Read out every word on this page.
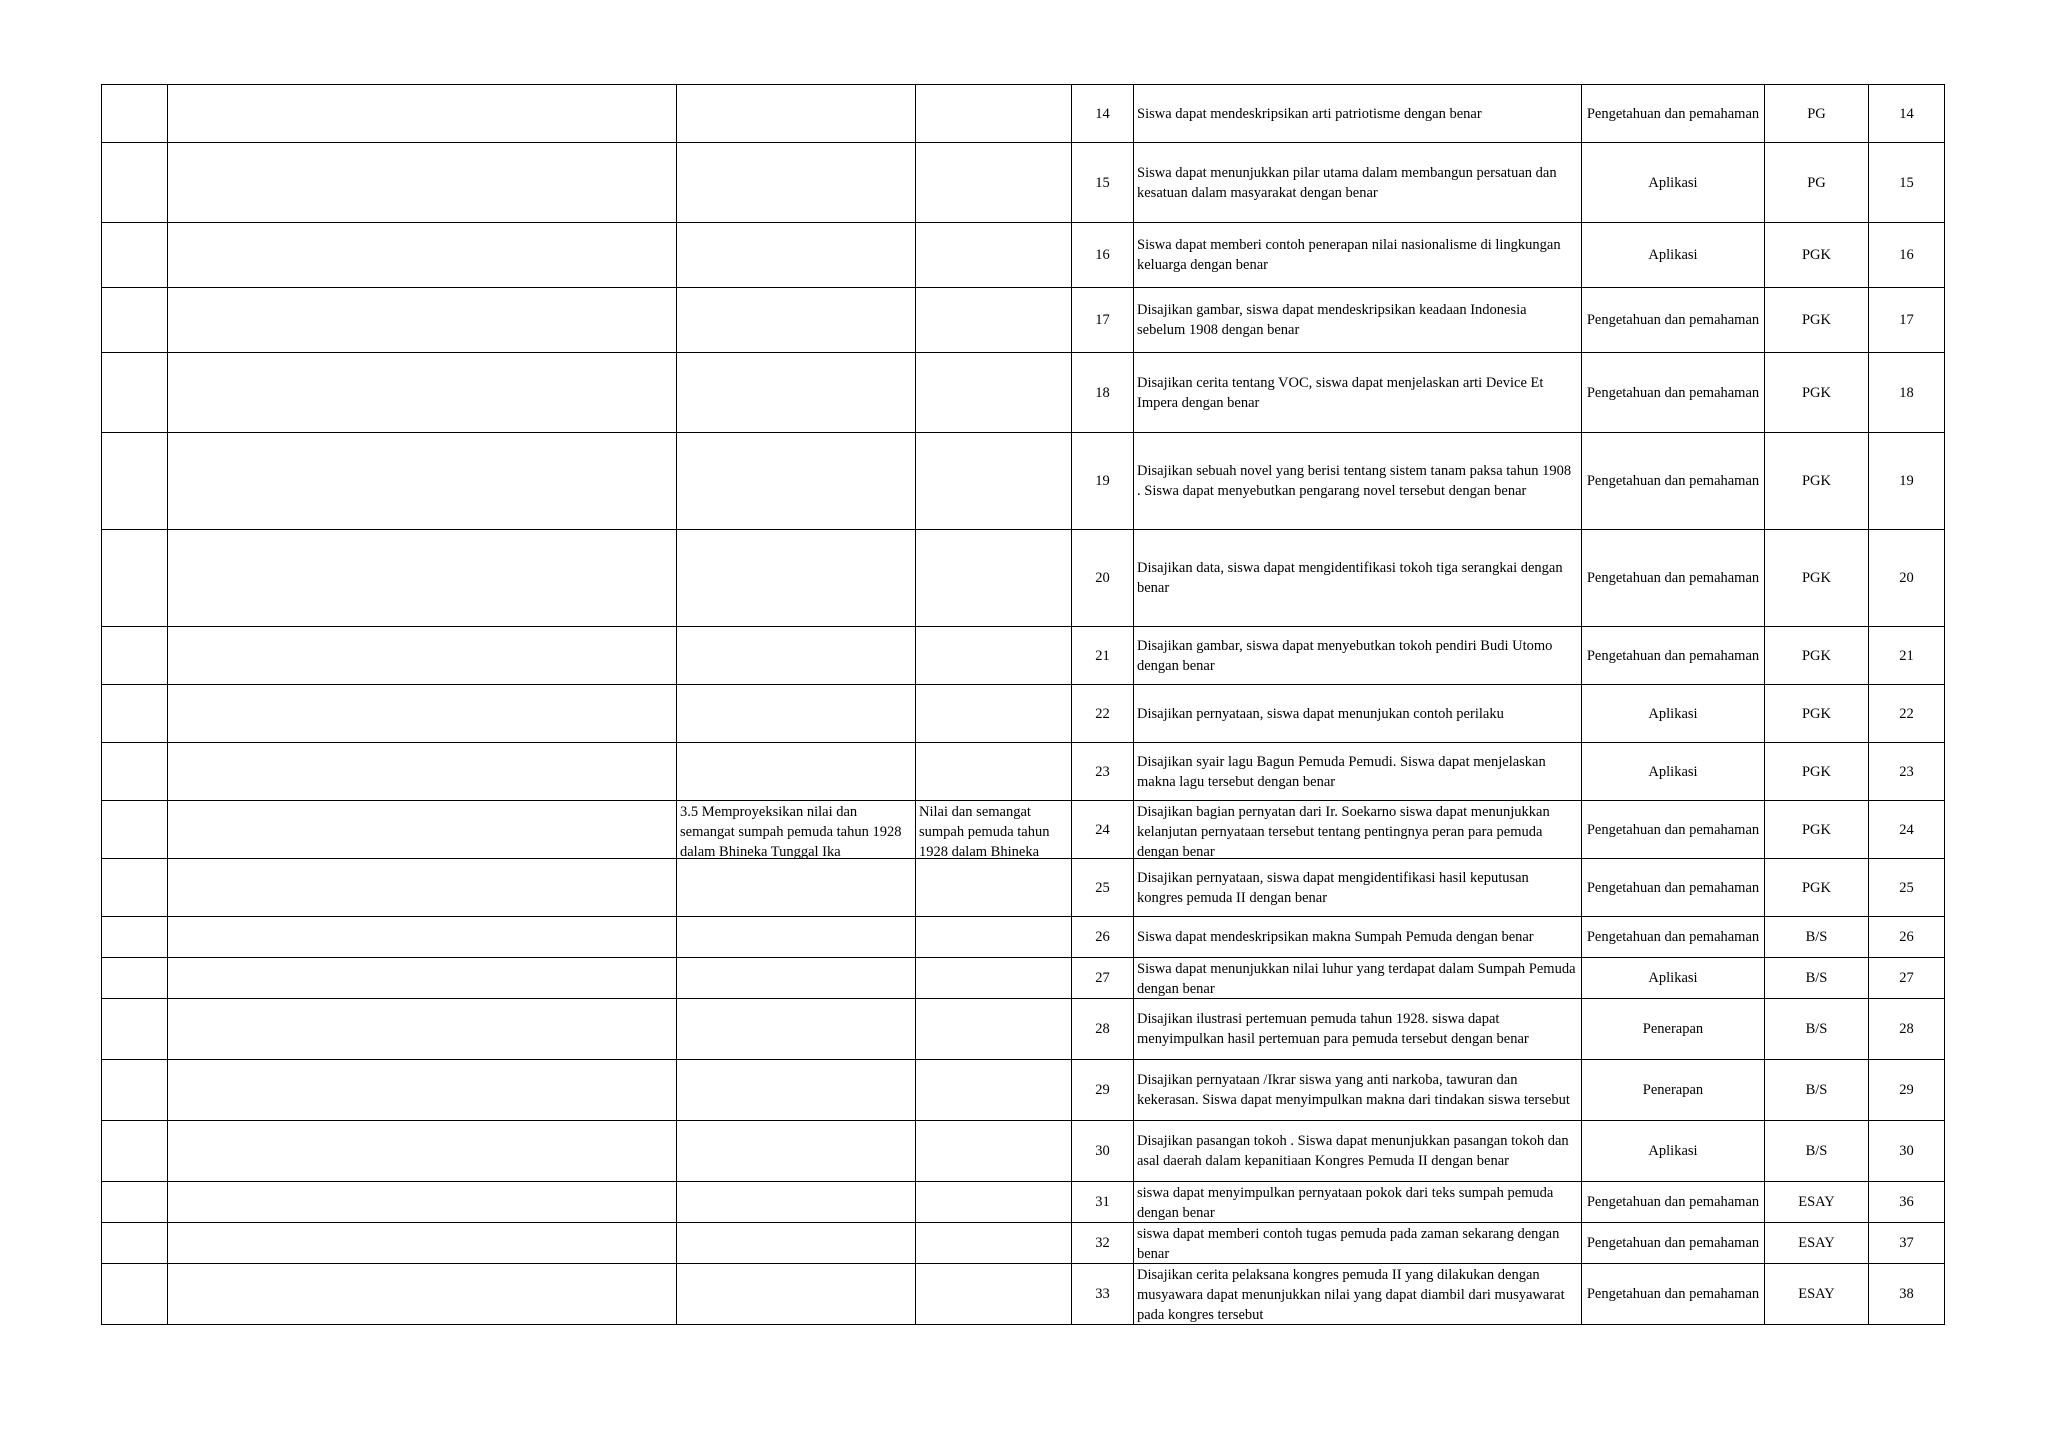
				14	Siswa dapat mendeskripsikan arti patriotisme dengan benar	Pengetahuan dan pemahaman	PG	14

				15	Siswa dapat menunjukkan pilar utama dalam membangun persatuan dan kesatuan dalam masyarakat dengan benar	Aplikasi	PG	15

				16	Siswa dapat memberi contoh penerapan nilai nasionalisme di lingkungan keluarga dengan benar	Aplikasi	PGK	16

				17	Disajikan gambar, siswa dapat mendeskripsikan keadaan Indonesia sebelum 1908 dengan benar	Pengetahuan dan pemahaman	PGK	17

				18	Disajikan cerita tentang VOC, siswa dapat menjelaskan arti Device Et Impera dengan benar	Pengetahuan dan pemahaman	PGK	18

				19	Disajikan sebuah novel yang berisi tentang sistem tanam paksa tahun 1908 . Siswa dapat menyebutkan pengarang novel tersebut dengan benar	Pengetahuan dan pemahaman	PGK	19

				20	Disajikan data, siswa dapat mengidentifikasi tokoh tiga serangkai dengan benar	Pengetahuan dan pemahaman	PGK	20

				21	Disajikan gambar, siswa dapat menyebutkan tokoh pendiri Budi Utomo dengan benar	Pengetahuan dan pemahaman	PGK	21

				22	Disajikan pernyataan, siswa dapat menunjukan contoh perilaku	Aplikasi	PGK	22

				23	Disajikan syair lagu Bagun Pemuda Pemudi. Siswa dapat menjelaskan makna lagu tersebut dengan benar	Aplikasi	PGK	23

		3.5 Memproyeksikan nilai dan semangat sumpah pemuda tahun 1928 dalam Bhineka Tunggal Ika	Nilai dan semangat sumpah pemuda tahun 1928 dalam Bhineka	24	Disajikan bagian pernyatan dari Ir. Soekarno siswa dapat menunjukkan kelanjutan pernyataan tersebut tentang pentingnya peran para pemuda dengan benar	Pengetahuan dan pemahaman	PGK	24

				25	Disajikan pernyataan, siswa dapat mengidentifikasi hasil keputusan kongres pemuda II dengan benar	Pengetahuan dan pemahaman	PGK	25

				26	Siswa dapat mendeskripsikan makna Sumpah Pemuda dengan benar	Pengetahuan dan pemahaman	B/S	26

				27	Siswa dapat menunjukkan nilai luhur yang terdapat dalam Sumpah Pemuda dengan benar	Aplikasi	B/S	27

				28	Disajikan ilustrasi pertemuan pemuda tahun 1928. siswa dapat menyimpulkan hasil pertemuan para pemuda tersebut dengan benar	Penerapan	B/S	28

				29	Disajikan pernyataan /Ikrar siswa yang anti narkoba, tawuran dan kekerasan. Siswa dapat menyimpulkan makna dari tindakan siswa tersebut	Penerapan	B/S	29

				30	Disajikan pasangan tokoh . Siswa dapat menunjukkan pasangan tokoh dan asal daerah dalam kepanitiaan Kongres Pemuda II dengan benar	Aplikasi	B/S	30

				31	siswa dapat menyimpulkan pernyataan pokok dari teks sumpah pemuda dengan benar	Pengetahuan dan pemahaman	ESAY	36

				32	siswa dapat memberi contoh tugas pemuda pada zaman sekarang dengan benar	Pengetahuan dan pemahaman	ESAY	37

				33	Disajikan cerita pelaksana kongres pemuda II yang dilakukan dengan musyawara dapat menunjukkan nilai yang dapat diambil dari musyawarat pada kongres tersebut	Pengetahuan dan pemahaman	ESAY	38
